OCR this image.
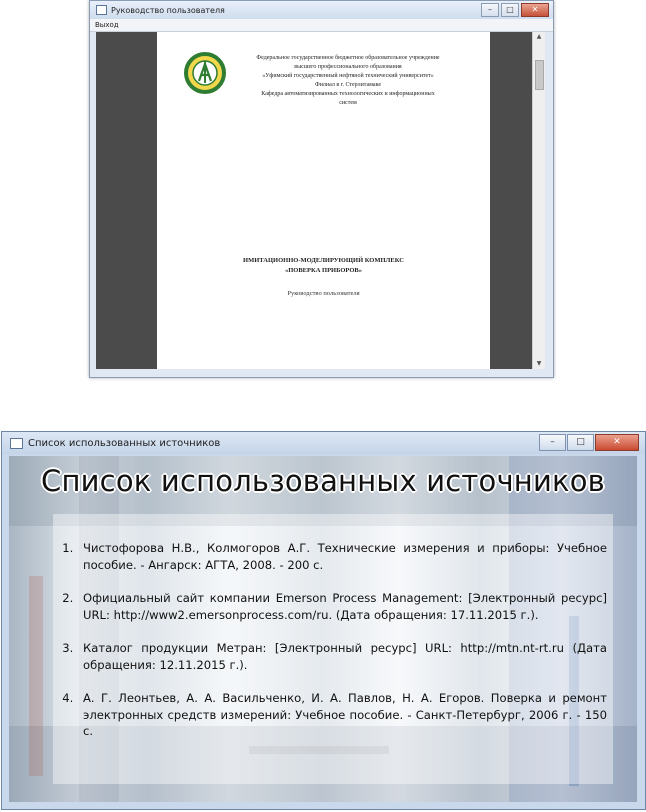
Руководство пользователя	–	□	✕
Выход
Федеральное государственное бюджетное образовательное учреждение
высшего профессионального образования
«Уфимский государственный нефтяной технический университет»
Филиал в г. Стерлитамаке
Кафедра автоматизированных технологических и информационных
систем
ИМИТАЦИОННО-МОДЕЛИРУЮЩИЙ КОМПЛЕКС
«ПОВЕРКА ПРИБОРОВ»
Руководство пользователя
▲
▼
Список использованных источников	–	□	✕
Список использованных источников
1. Чистофорова Н.В., Колмогоров А.Г. Технические измерения и приборы: Учебное пособие. - Ангарск: АГТА, 2008. - 200 с.
2. Официальный сайт компании Emerson Process Management: [Электронный ресурс] URL: http://www2.emersonprocess.com/ru. (Дата обращения: 17.11.2015 г.).
3. Каталог продукции Метран: [Электронный ресурс] URL: http://mtn.nt-rt.ru (Дата обращения: 12.11.2015 г.).
4. А. Г. Леонтьев, А. А. Васильченко, И. А. Павлов, Н. А. Егоров. Поверка и ремонт электронных средств измерений: Учебное пособие. - Санкт-Петербург, 2006 г. - 150 с.
